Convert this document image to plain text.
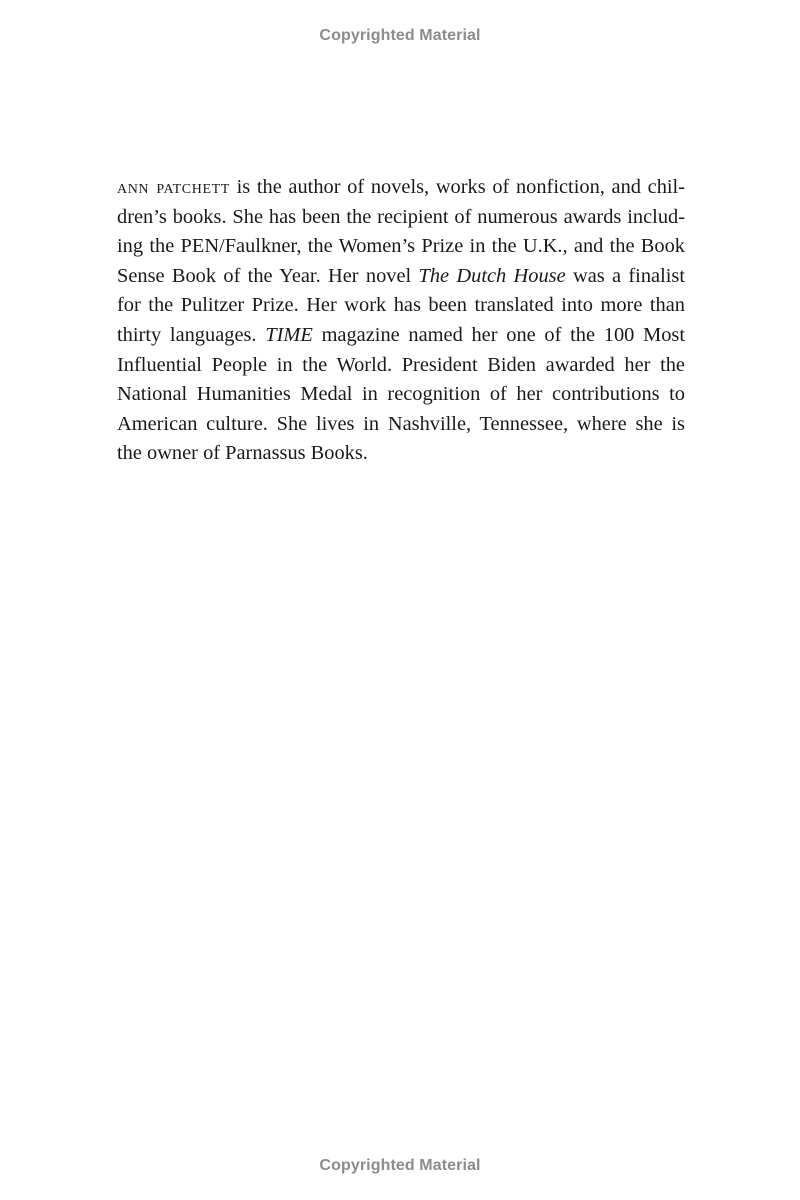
Copyrighted Material
ann patchett is the author of novels, works of nonfiction, and chil-
dren’s books. She has been the recipient of numerous awards includ-
ing the PEN/Faulkner, the Women’s Prize in the U.K., and the Book
Sense Book of the Year. Her novel The Dutch House was a finalist
for the Pulitzer Prize. Her work has been translated into more than
thirty languages. TIME magazine named her one of the 100 Most
Influential People in the World. President Biden awarded her the
National Humanities Medal in recognition of her contributions to
American culture. She lives in Nashville, Tennessee, where she is
the owner of Parnassus Books.
Copyrighted Material
